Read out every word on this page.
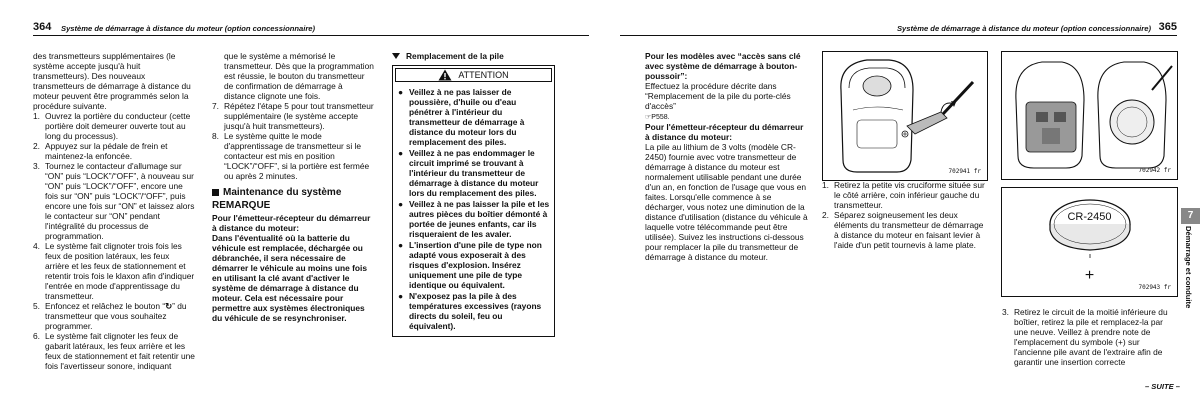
364 Système de démarrage à distance du moteur (option concessionnaire)

des transmetteurs supplémentaires (le système accepte jusqu'à huit transmetteurs). Des nouveaux transmetteurs de démarrage à distance du moteur peuvent être programmés selon la procédure suivante.

1. Ouvrez la portière du conducteur (cette portière doit demeurer ouverte tout au long du processus).
2. Appuyez sur la pédale de frein et maintenez-la enfoncée.
3. Tournez le contacteur d'allumage sur “ON” puis “LOCK”/“OFF”, à nouveau sur “ON” puis “LOCK”/“OFF”, encore une fois sur “ON” puis “LOCK”/“OFF”, puis encore une fois sur “ON” et laissez alors le contacteur sur “ON” pendant l'intégralité du processus de programmation.
4. Le système fait clignoter trois fois les feux de position latéraux, les feux arrière et les feux de stationnement et retentir trois fois le klaxon afin d'indiquer l'entrée en mode d'apprentissage du transmetteur.
5. Enfoncez et relâchez le bouton “↻” du transmetteur que vous souhaitez programmer.
6. Le système fait clignoter les feux de gabarit latéraux, les feux arrière et les feux de stationnement et fait retentir une fois l'avertisseur sonore, indiquant

que le système a mémorisé le transmetteur. Dès que la programmation est réussie, le bouton du transmetteur de confirmation de démarrage à distance clignote une fois.

7. Répétez l'étape 5 pour tout transmetteur supplémentaire (le système accepte jusqu'à huit transmetteurs).
8. Le système quitte le mode d'apprentissage de transmetteur si le contacteur est mis en position “LOCK”/“OFF”, si la portière est fermée ou après 2 minutes.
Maintenance du système
REMARQUE

Pour l'émetteur-récepteur du démarreur à distance du moteur:

Dans l'éventualité où la batterie du véhicule est remplacée, déchargée ou débranchée, il sera nécessaire de démarrer le véhicule au moins une fois en utilisant la clé avant d'activer le système de démarrage à distance du moteur. Cela est nécessaire pour permettre aux systèmes électroniques du véhicule de se resynchroniser.

Remplacement de la pile
ATTENTION
● Veillez à ne pas laisser de poussière, d'huile ou d'eau pénétrer à l'intérieur du transmetteur de démarrage à distance du moteur lors du remplacement des piles.
● Veillez à ne pas endommager le circuit imprimé se trouvant à l'intérieur du transmetteur de démarrage à distance du moteur lors du remplacement des piles.
● Veillez à ne pas laisser la pile et les autres pièces du boîtier démonté à portée de jeunes enfants, car ils risqueraient de les avaler.
● L'insertion d'une pile de type non adapté vous exposerait à des risques d'explosion. Insérez uniquement une pile de type identique ou équivalent.
● N'exposez pas la pile à des températures excessives (rayons directs du soleil, feu ou équivalent).
Système de démarrage à distance du moteur (option concessionnaire) 365

Pour les modèles avec “accès sans clé avec système de démarrage à bouton-poussoir”:

Effectuez la procédure décrite dans “Remplacement de la pile du porte-clés d'accès”
☞P558.

Pour l'émetteur-récepteur du démarreur à distance du moteur:

La pile au lithium de 3 volts (modèle CR-2450) fournie avec votre transmetteur de démarrage à distance du moteur est normalement utilisable pendant une durée d'un an, en fonction de l'usage que vous en faites. Lorsqu'elle commence à se décharger, vous notez une diminution de la distance d'utilisation (distance du véhicule à laquelle votre télécommande peut être utilisée). Suivez les instructions ci-dessous pour remplacer la pile du transmetteur de démarrage à distance du moteur.

702941 fr
1. Retirez la petite vis cruciforme située sur le côté arrière, coin inférieur gauche du transmetteur.
2. Séparez soigneusement les deux éléments du transmetteur de démarrage à distance du moteur en faisant levier à l'aide d'un petit tournevis à lame plate.
702942 fr
CR-2450
+
702943 fr
3. Retirez le circuit de la moitié inférieure du boîtier, retirez la pile et remplacez-la par une neuve. Veillez à prendre note de l'emplacement du symbole (+) sur l'ancienne pile avant de l'extraire afin de garantir une insertion correcte
7
Démarrage et conduite
– SUITE –
